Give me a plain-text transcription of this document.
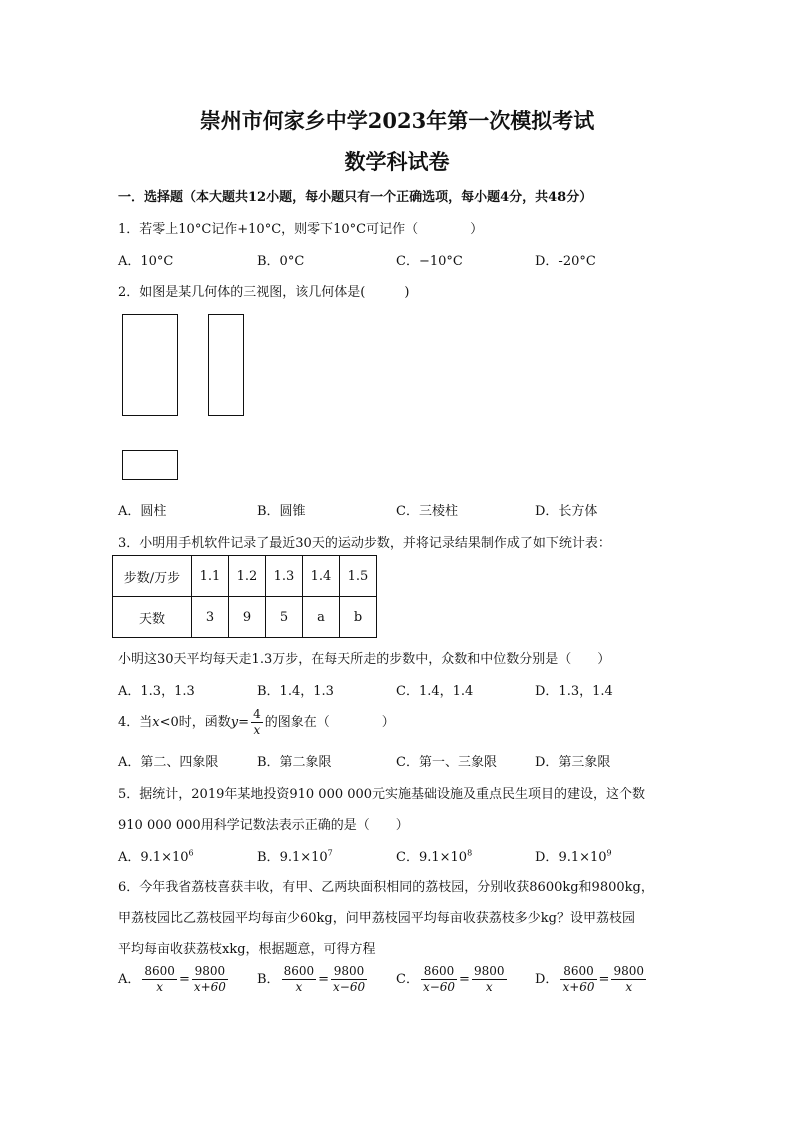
崇州市何家乡中学2023年第一次模拟考试
数学科试卷
一．选择题（本大题共12小题，每小题只有一个正确选项，每小题4分，共48分）
1．若零上10°C记作+10°C，则零下10°C可记作（　　　　）
A．10°C	B．0°C	C．−10°C	D．-20°C
2．如图是某几何体的三视图，该几何体是(　　　)
A．圆柱	B．圆锥	C．三棱柱	D．长方体
3．小明用手机软件记录了最近30天的运动步数，并将记录结果制作成了如下统计表：
步数/万步	1.1	1.2	1.3	1.4	1.5
天数	3	9	5	a	b
小明这30天平均每天走1.3万步，在每天所走的步数中，众数和中位数分别是（　　）
A．1.3，1.3	B．1.4，1.3	C．1.4，1.4	D．1.3，1.4
4．当x<0时，函数$y= \frac{4}{x}$ 的图象在（　　　　）
A．第二、四象限	B．第二象限	C．第一、三象限	D．第三象限
5．据统计，2019年某地投资910 000 000元实施基础设施及重点民生项目的建设，这个数
910 000 000用科学记数法表示正确的是（　　）
A．$9.1\times 10^6$	B．$9.1\times 10^7$	C．$9.1\times 10^8$	D．$9.1\times 10^9$
6．今年我省荔枝喜获丰收，有甲、乙两块面积相同的荔枝园，分别收获8600kg和9800kg，
甲荔枝园比乙荔枝园平均每亩少60kg，问甲荔枝园平均每亩收获荔枝多少kg？设甲荔枝园
平均每亩收获荔枝xkg，根据题意，可得方程
A． $\frac{8600}{x} = \frac{9800}{x+60}$ B． $\frac{8600}{x} = \frac{9800}{x-60}$ C． $\frac{8600}{x-60} = \frac{9800}{x}$ D． $\frac{8600}{x+60} = \frac{9800}{x}$
